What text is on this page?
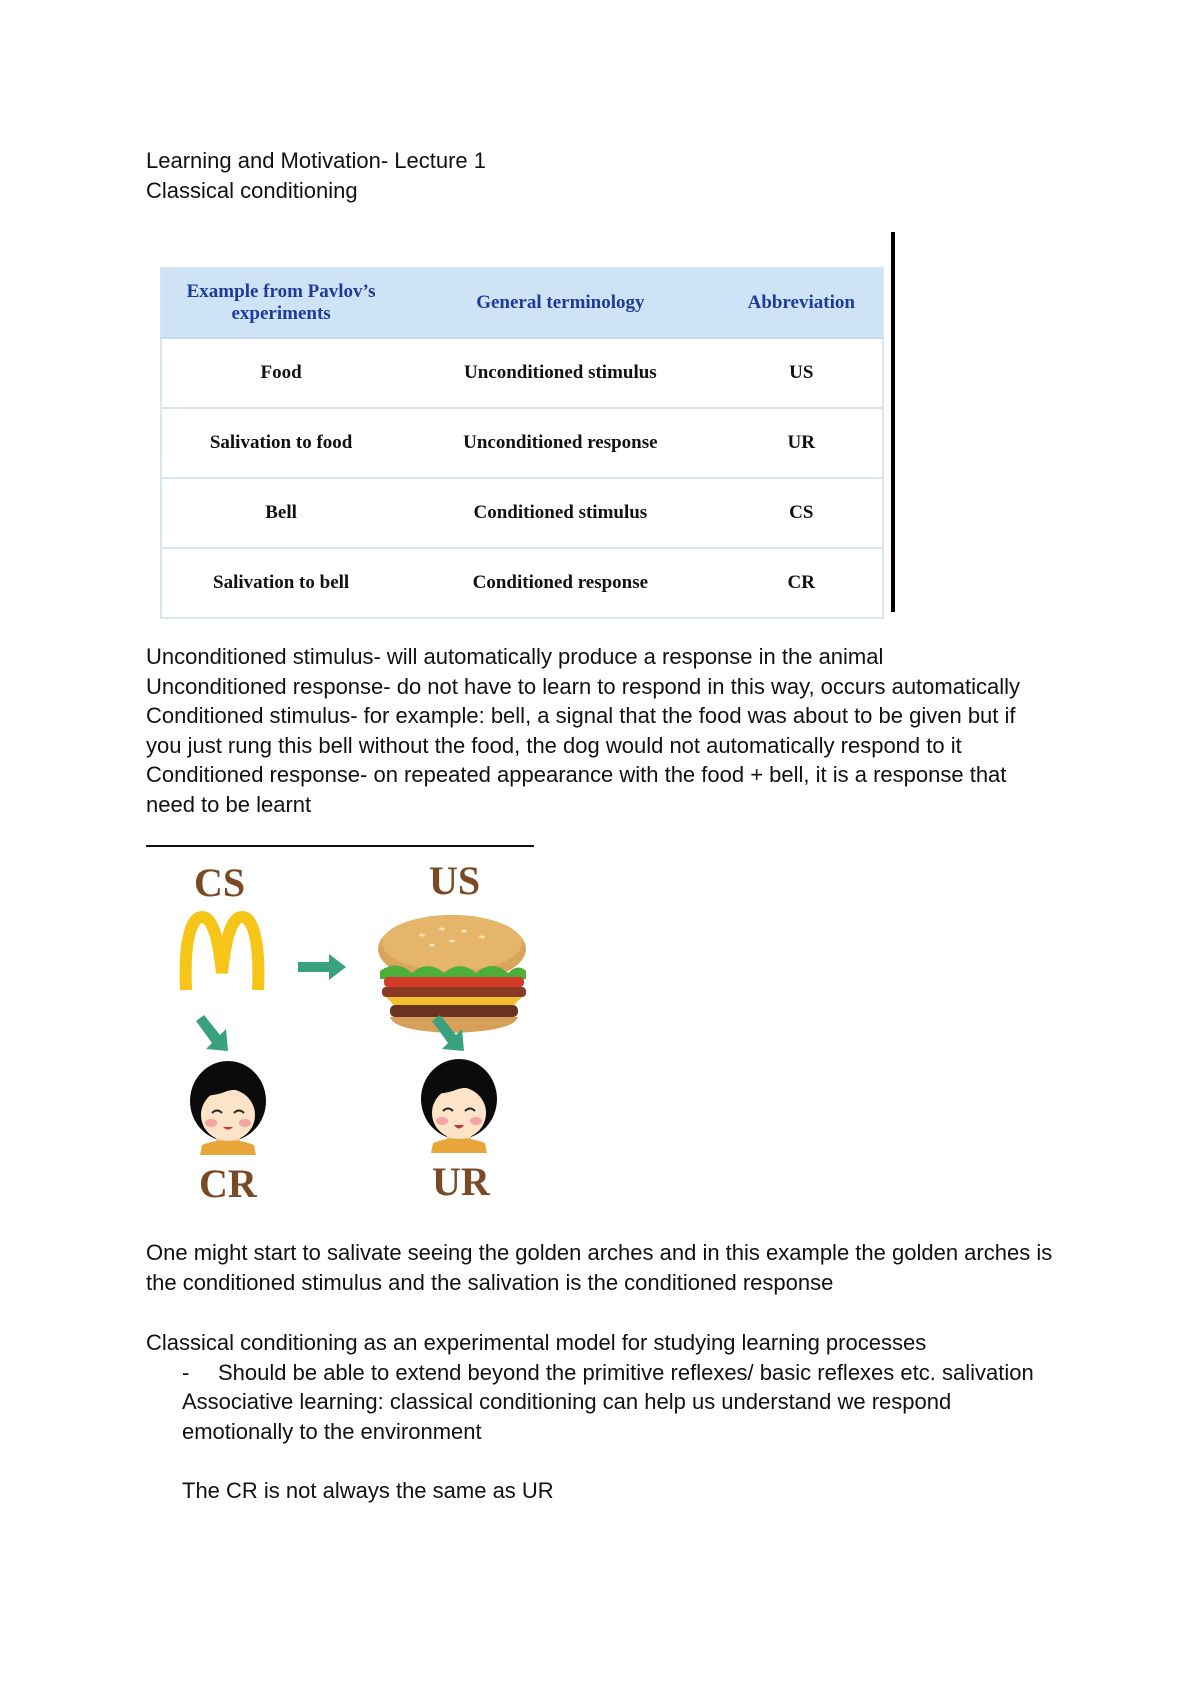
Learning and Motivation- Lecture 1
Classical conditioning
Example from Pavlov’s experiments	General terminology	Abbreviation
Food	Unconditioned stimulus	US
Salivation to food	Unconditioned response	UR
Bell	Conditioned stimulus	CS
Salivation to bell	Conditioned response	CR
Unconditioned stimulus- will automatically produce a response in the animal
Unconditioned response- do not have to learn to respond in this way, occurs automatically
Conditioned stimulus- for example: bell, a signal that the food was about to be given but if
you just rung this bell without the food, the dog would not automatically respond to it
Conditioned response- on repeated appearance with the food + bell, it is a response that
need to be learnt
CS	US
CR	UR
One might start to salivate seeing the golden arches and in this example the golden arches is
the conditioned stimulus and the salivation is the conditioned response
Classical conditioning as an experimental model for studying learning processes
- Should be able to extend beyond the primitive reflexes/ basic reflexes etc. salivation
Associative learning: classical conditioning can help us understand we respond
emotionally to the environment
The CR is not always the same as UR
